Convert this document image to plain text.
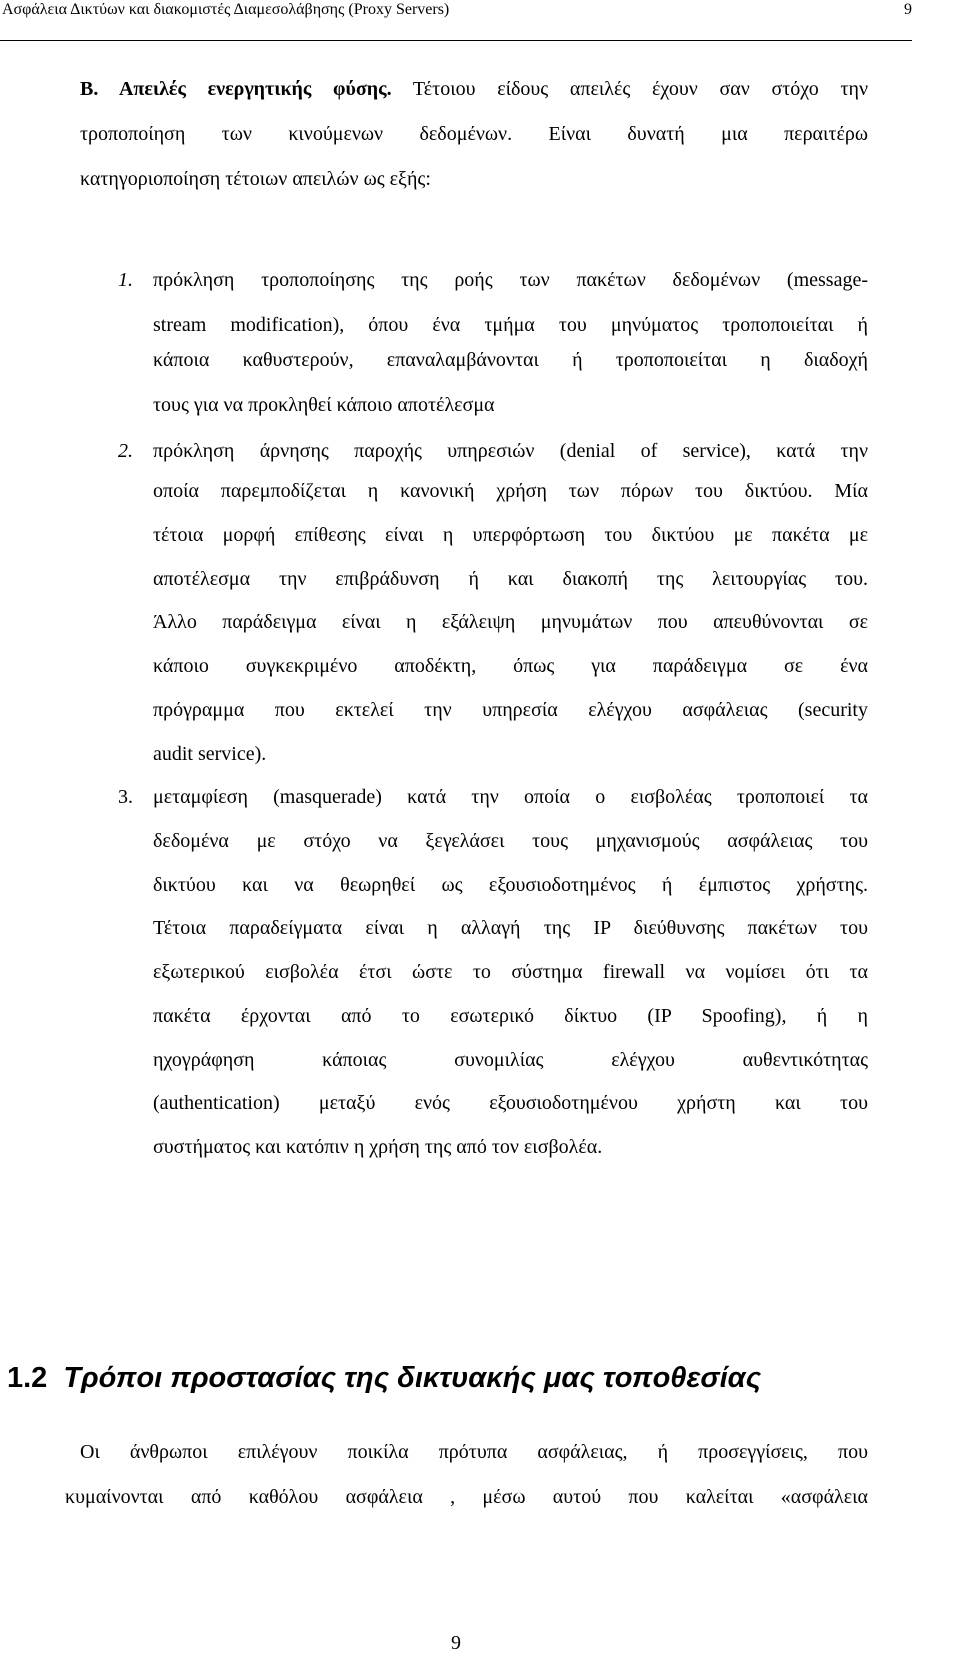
Ασφάλεια Δικτύων και διακομιστές Διαμεσολάβησης (Proxy Servers)	9
Β. Απειλές ενεργητικής φύσης. Τέτοιου είδους απειλές έχουν σαν στόχο την
τροποποίηση των κινούμενων δεδομένων. Είναι δυνατή μια περαιτέρω
κατηγοριοποίηση τέτοιων απειλών ως εξής:
1. πρόκληση τροποποίησης της ροής των πακέτων δεδομένων (message-
stream modification), όπου ένα τμήμα του μηνύματος τροποποιείται ή
κάποια καθυστερούν, επαναλαμβάνονται ή τροποποιείται η διαδοχή
τους για να προκληθεί κάποιο αποτέλεσμα
2. πρόκληση άρνησης παροχής υπηρεσιών (denial of service), κατά την
οποία παρεμποδίζεται η κανονική χρήση των πόρων του δικτύου. Μία
τέτοια μορφή επίθεσης είναι η υπερφόρτωση του δικτύου με πακέτα με
αποτέλεσμα την επιβράδυνση ή και διακοπή της λειτουργίας του.
Άλλο παράδειγμα είναι η εξάλειψη μηνυμάτων που απευθύνονται σε
κάποιο συγκεκριμένο αποδέκτη, όπως για παράδειγμα σε ένα
πρόγραμμα που εκτελεί την υπηρεσία ελέγχου ασφάλειας (security
audit service).
3. μεταμφίεση (masquerade) κατά την οποία ο εισβολέας τροποποιεί τα
δεδομένα με στόχο να ξεγελάσει τους μηχανισμούς ασφάλειας του
δικτύου και να θεωρηθεί ως εξουσιοδοτημένος ή έμπιστος χρήστης.
Τέτοια παραδείγματα είναι η αλλαγή της IP διεύθυνσης πακέτων του
εξωτερικού εισβολέα έτσι ώστε το σύστημα firewall να νομίσει ότι τα
πακέτα έρχονται από το εσωτερικό δίκτυο (IP Spoofing), ή η
ηχογράφηση κάποιας συνομιλίας ελέγχου αυθεντικότητας
(authentication) μεταξύ ενός εξουσιοδοτημένου χρήστη και του
συστήματος και κατόπιν η χρήση της από τον εισβολέα.
1.2 Τρόποι προστασίας της δικτυακής μας τοποθεσίας
Οι άνθρωποι επιλέγουν ποικίλα πρότυπα ασφάλειας, ή προσεγγίσεις, που
κυμαίνονται από καθόλου ασφάλεια , μέσω αυτού που καλείται «ασφάλεια
9
